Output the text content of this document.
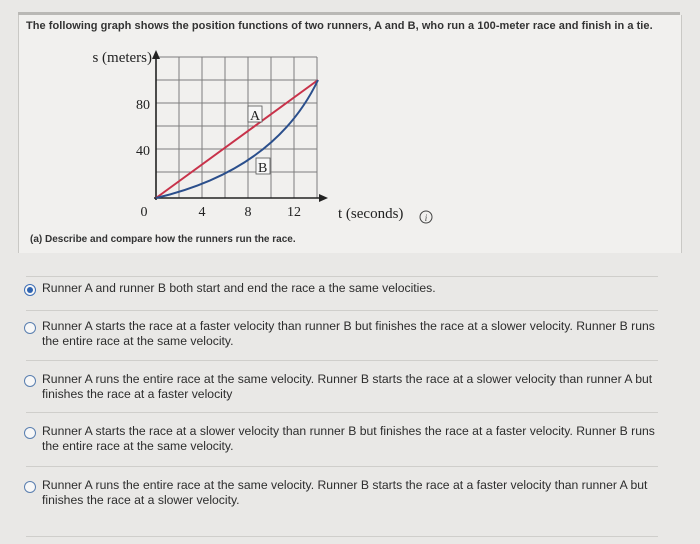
The following graph shows the position functions of two runners, A and B, who run a 100-meter race and finish in a tie.
A
B
s (meters)
80
40
0	4	8	12 t (seconds) i
(a) Describe and compare how the runners run the race.
Runner A and runner B both start and end the race a the same velocities.
Runner A starts the race at a faster velocity than runner B but finishes the race at a slower velocity. Runner B runs the entire race at the same velocity.
Runner A runs the entire race at the same velocity. Runner B starts the race at a slower velocity than runner A but finishes the race at a faster velocity
Runner A starts the race at a slower velocity than runner B but finishes the race at a faster velocity. Runner B runs the entire race at the same velocity.
Runner A runs the entire race at the same velocity. Runner B starts the race at a faster velocity than runner A but finishes the race at a slower velocity.
